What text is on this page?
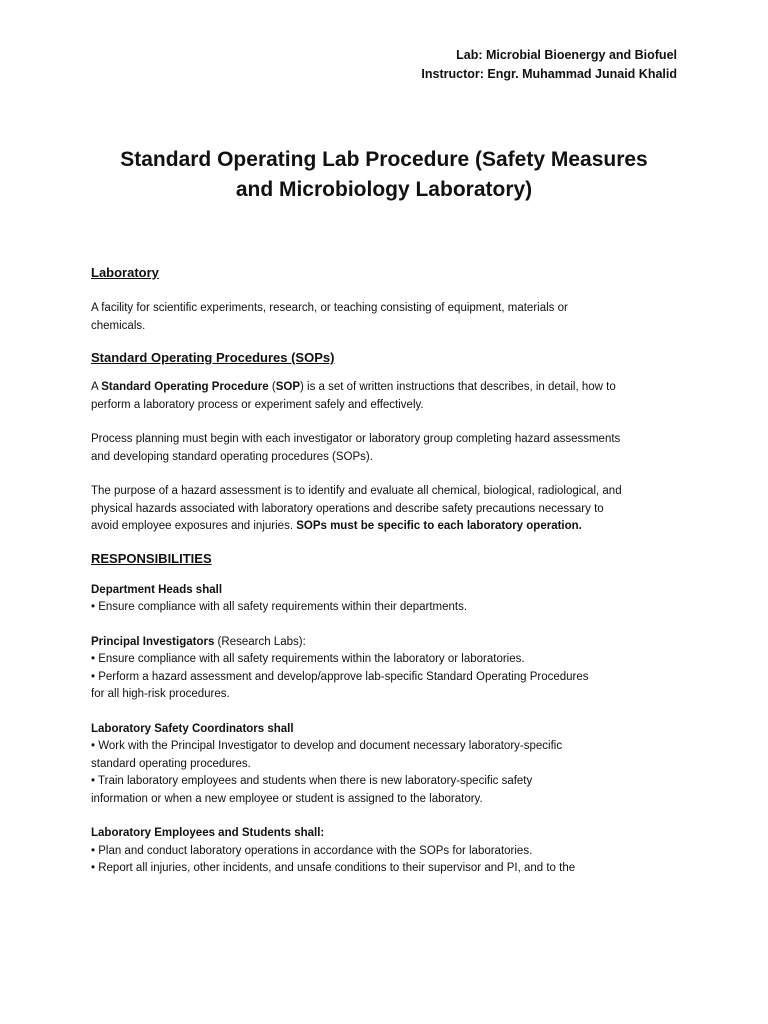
Lab: Microbial Bioenergy and Biofuel
Instructor: Engr. Muhammad Junaid Khalid
Standard Operating Lab Procedure (Safety Measures
and Microbiology Laboratory)

Laboratory

A facility for scientific experiments, research, or teaching consisting of equipment, materials or
chemicals.

Standard Operating Procedures (SOPs)

A Standard Operating Procedure (SOP) is a set of written instructions that describes, in detail, how to
perform a laboratory process or experiment safely and effectively.

Process planning must begin with each investigator or laboratory group completing hazard assessments
and developing standard operating procedures (SOPs).

The purpose of a hazard assessment is to identify and evaluate all chemical, biological, radiological, and
physical hazards associated with laboratory operations and describe safety precautions necessary to
avoid employee exposures and injuries. SOPs must be specific to each laboratory operation.

RESPONSIBILITIES

Department Heads shall
• Ensure compliance with all safety requirements within their departments.

Principal Investigators (Research Labs):
• Ensure compliance with all safety requirements within the laboratory or laboratories.
• Perform a hazard assessment and develop/approve lab-specific Standard Operating Procedures
for all high-risk procedures.

Laboratory Safety Coordinators shall
• Work with the Principal Investigator to develop and document necessary laboratory-specific
standard operating procedures.
• Train laboratory employees and students when there is new laboratory-specific safety
information or when a new employee or student is assigned to the laboratory.

Laboratory Employees and Students shall:
• Plan and conduct laboratory operations in accordance with the SOPs for laboratories.
• Report all injuries, other incidents, and unsafe conditions to their supervisor and PI, and to the
